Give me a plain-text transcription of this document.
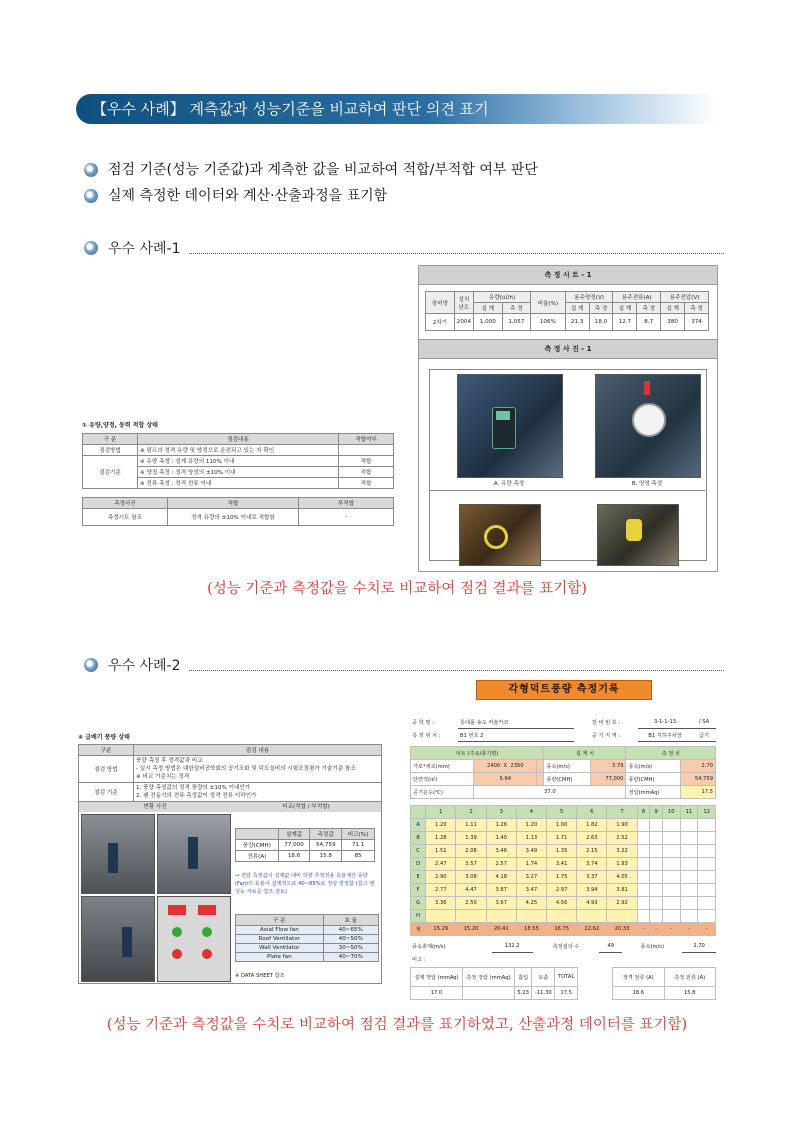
【우수 사례】 계측값과 성능기준을 비교하여 판단 의견 표기
점검 기준(성능 기준값)과 계측한 값을 비교하여 적합/부적합 여부 판단
실제 측정한 데이터와 계산·산출과정을 표기함
우수 사례-1
① 유량,양정, 동력 적합 상태
구 분	점검내용	적합여부
점검방법	※ 펌프의 정격 유량 및 양정으로 운전되고 있는 지 확인	
점검기준	※ 유량 측정 : 설계 유량의 110% 이내	적합
	※ 양정 측정 : 정격 양정의 ±10% 이내	적합
	※ 전류 측정 : 정격 전류 이내	적합
측정사진	적합	부적합
측정시트 참조	정격 유량의 ±10% 이내로 적합함	-
측 정 시 트 - 1
장비명	설치년도	유량(㎥/h)		비율(%)	용주양정(V)		용주전류(A)		용주전압(V)	
		설 계	측 정		설 계	측 정	설 계	측 정	설 계	측 정
2차기	2004	1,000	1,057	106%	21.3	18.0	12.7	8.7	380	374
측 정 사 진 - 1
A. 유량 측정	B. 양정 측정
(성능 기준과 측정값을 수치로 비교하여 점검 결과를 표기함)
우수 사례-2
④ 급배기 풍량 상태
구분	점검 내용
점검 방법	풍량 측정 후 정격값과 비교
- 실시 측정 방법은 대한설비공학회의 공기조화 및 덕트설비의 시험조정평가 기술기준 참조
※ 비교 기준치는 정격

점검 기준	1. 풍량 측정값의 정격 풍량의 ±10% 이내인가
2. 팬 전동기의 전류 측정값이 정격 전류 이하인가
현황 사진	비교(적합 / 부적합)
	설계값	측정값	비고(%)
풍량(CMH)	77,000	54,759	71.1
전류(A)	18.6	15.8	85
→ 전압 측정값이 설계값 대비 하향 추정적용 효율계산 풍량(Fan)의 효율이 설계적으로 40~85%로 정상 결정함 (참고 팬 성능 자료를 참조 검토)
구 분	효 율
Axial Flow fan	40~65%
Roof Ventilator	40~50%
Wall Ventilator	30~50%
Plate fan	40~70%
※ DATA SHEET 참조
각형덕트풍량 측정기록
공 학 명 :	롯데몰 송도 커슐카코	장 비 번 호 :	3-1-1-13	/ SA
측 정 위 치 :	B1 번호 2	공 기 지 역 :	B1 지하주차장	급기
덕트 (주요/풍기편)			설 계 치		측 정 치	
가로*세로(mm)	2400 X 2350		풍속(m/s)	3.79	풍속(m/s)	2.70
단면적(㎡)	5.64		풍량(CMH)	77,000	풍량(CMH)	54,759
공기온도(℃)	37.0				정압(mmAq)	17.5
	1	2	3	4	5	6	7	8	9	10	11	12
A	1.20	1.11	1.26	1.20	1.00	1.82	1.90					
B	1.28	1.39	1.40	1.13	1.71	2.63	2.52					
C	1.51	2.08	3.46	3.49	1.35	2.15	3.22					
D	2.47	3.57	2.57	1.74	3.41	3.74	1.93					
E	2.90	3.08	4.18	3.27	1.75	3.37	4.05					
F	2.77	4.47	3.87	3.47	2.97	3.94	3.81					
G	3.36	2.50	3.67	4.25	4.56	4.93	2.92					
H												
계	15.29	15.20	20.41	18.55	16.75	22.62	20.33	-	-	-	-	-
풍속총계(m/s)	132.2	측정점의 수	49	풍속(m/s)	2.70
비고 :
설계 정압 (mmAq)	측정 정압 (mmAq)	흡입	토출	TOTAL
17.0		5.23	-11.30	17.5
정격 전류 (A)	측정 전류 (A)
18.6	15.8
(성능 기준과 측정값을 수치로 비교하여 점검 결과를 표기하였고, 산출과정 데이터를 표기함)
